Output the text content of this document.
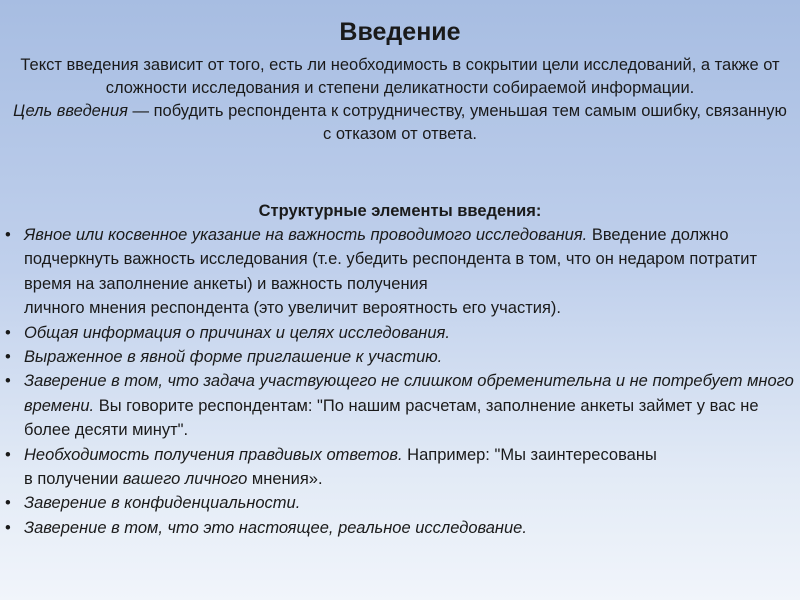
Введение

Текст введения зависит от того, есть ли необходимость в сокрытии цели исследований, а также от сложности исследования и степени деликатности собираемой информации.

Цель введения — побудить респондента к сотрудничеству, уменьшая тем самым ошибку, связанную с отказом от ответа.

Структурные элементы введения:
• Явное или косвенное указание на важность проводимого исследования. Введение должно подчеркнуть важность исследования (т.е. убедить респондента в том, что он недаром потратит время на заполнение анкеты) и важность получения
личного мнения респондента (это увеличит вероятность его участия).
• Общая информация о причинах и целях исследования.
• Выраженное в явной форме приглашение к участию.
• Заверение в том, что задача участвующего не слишком обременительна и не потребует много времени. Вы говорите респондентам: "По нашим расчетам, заполнение анкеты займет у вас не более десяти минут".
• Необходимость получения правдивых ответов. Например: "Мы заинтересованы
в получении вашего личного мнения».
• Заверение в конфиденциальности.
• Заверение в том, что это настоящее, реальное исследование.
